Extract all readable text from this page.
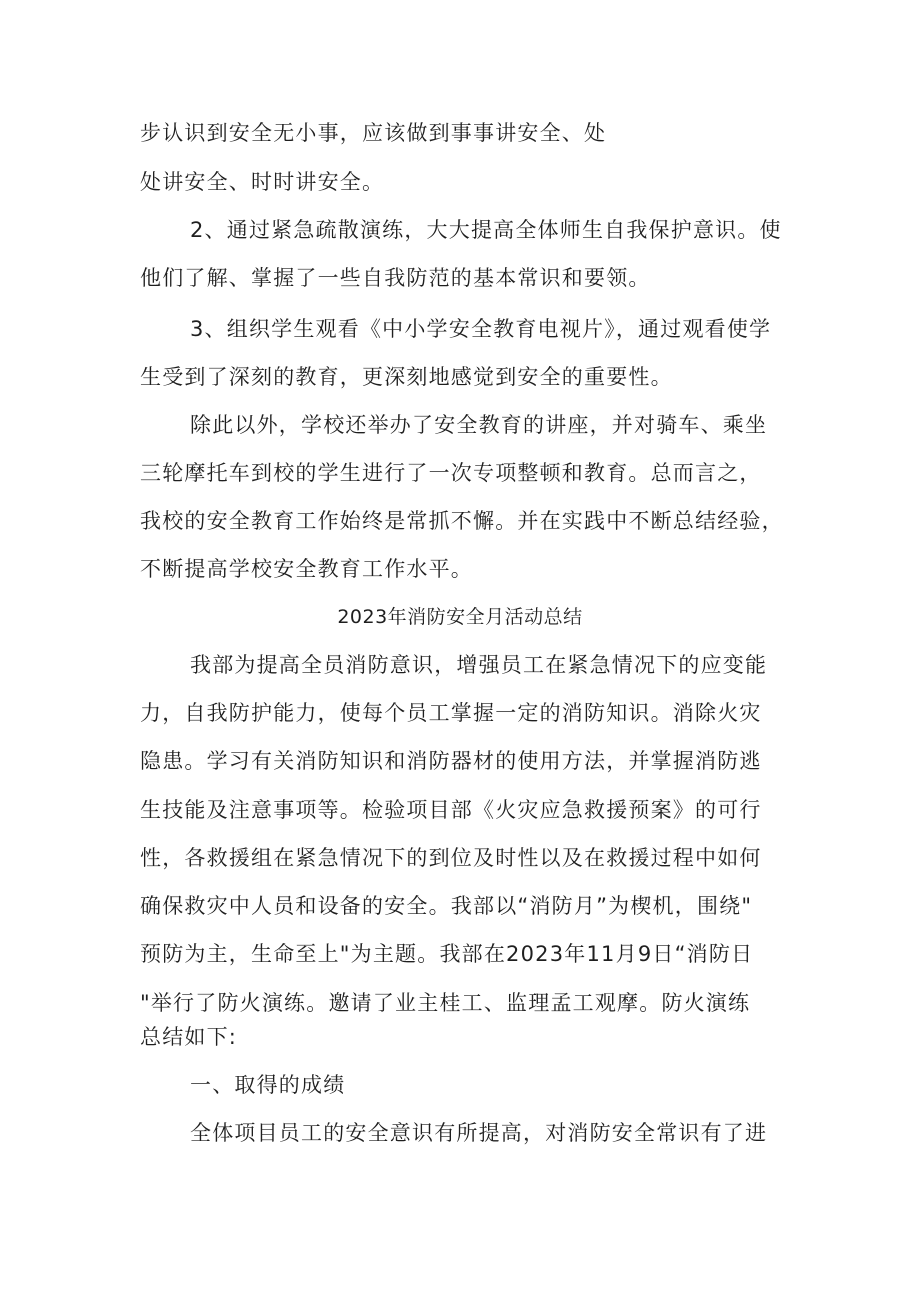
步认识到安全无小事，应该做到事事讲安全、处
处讲安全、时时讲安全。
2、通过紧急疏散演练，大大提高全体师生自我保护意识。使
他们了解、掌握了一些自我防范的基本常识和要领。
3、组织学生观看《中小学安全教育电视片》，通过观看使学
生受到了深刻的教育，更深刻地感觉到安全的重要性。
除此以外，学校还举办了安全教育的讲座，并对骑车、乘坐
三轮摩托车到校的学生进行了一次专项整顿和教育。总而言之，
我校的安全教育工作始终是常抓不懈。并在实践中不断总结经验，
不断提高学校安全教育工作水平。
2023年消防安全月活动总结
我部为提高全员消防意识，增强员工在紧急情况下的应变能
力，自我防护能力，使每个员工掌握一定的消防知识。消除火灾
隐患。学习有关消防知识和消防器材的使用方法，并掌握消防逃
生技能及注意事项等。检验项目部《火灾应急救援预案》的可行
性，各救援组在紧急情况下的到位及时性以及在救援过程中如何
确保救灾中人员和设备的安全。我部以“消防月”为楔机，围绕"
预防为主，生命至上"为主题。我部在2023年11月9日“消防日
"举行了防火演练。邀请了业主桂工、监理孟工观摩。防火演练
总结如下:
一、取得的成绩
全体项目员工的安全意识有所提高，对消防安全常识有了进
